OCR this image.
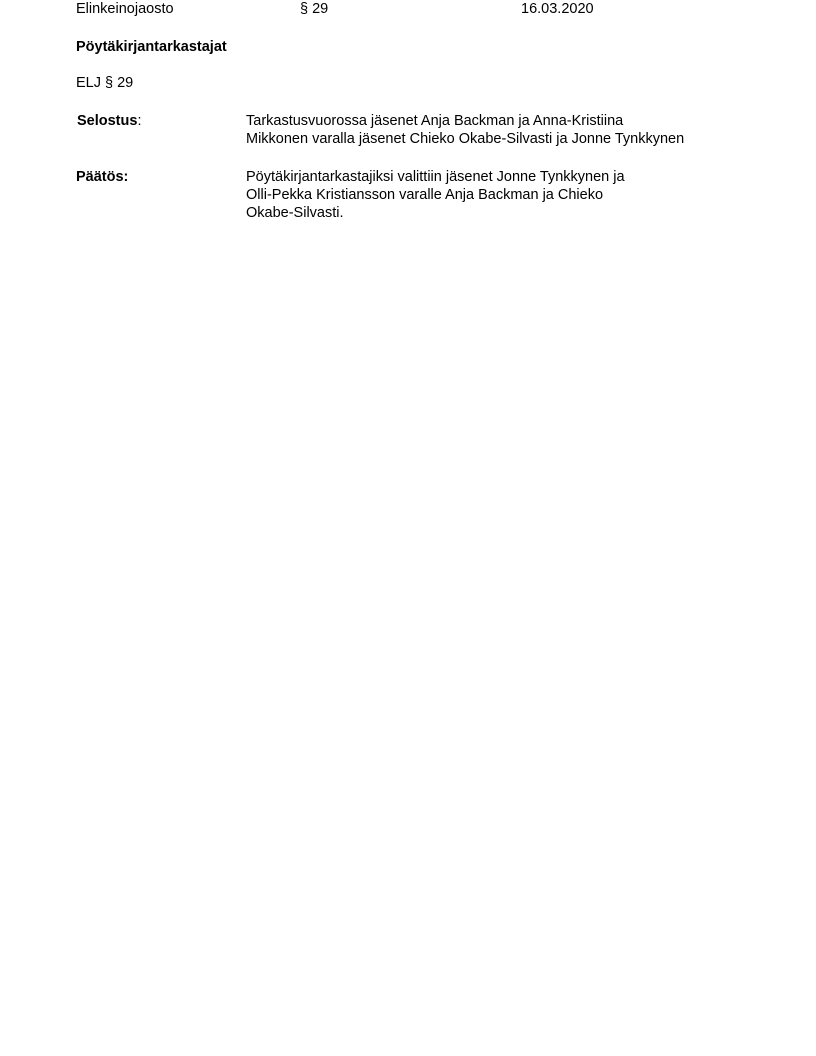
Elinkeinojaosto	§ 29	16.03.2020
Pöytäkirjantarkastajat
ELJ § 29
Selostus:	Tarkastusvuorossa jäsenet Anja Backman ja Anna-Kristiina
Mikkonen varalla jäsenet Chieko Okabe-Silvasti ja Jonne Tynkkynen
Päätös:	Pöytäkirjantarkastajiksi valittiin jäsenet Jonne Tynkkynen ja
Olli-Pekka Kristiansson varalle Anja Backman ja Chieko
Okabe-Silvasti.
